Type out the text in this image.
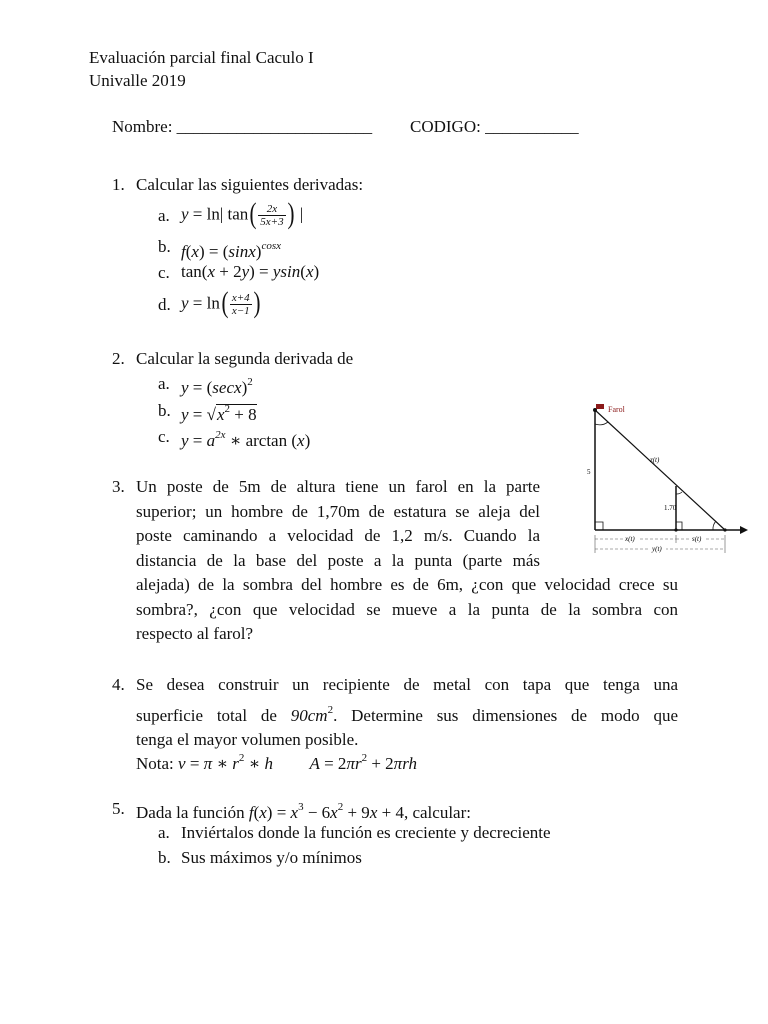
Evaluación parcial final Caculo I
Univalle 2019
Nombre: _______________________ CODIGO: ___________
1. Calcular las siguientes derivadas:
a. y = ln| $\tan( \frac{2x}{5x+3}$ ) |
b. $f(x) = (\sin x)^{cosx}$
c. tan(x + 2y) = ysin(x)
d. $y = \ln( \frac{x+4}{x-1}$ )
2. Calcular la segunda derivada de
a. $y = (\sec x)^2$
b. $y = √x^2 + 8$
c. $y = a^{2x}$ ∗ arctan (x)
3. Un poste de 5m de altura tiene un farol en la parte
superior; un hombre de 1,70m de estatura se aleja del
poste caminando a velocidad de 1,2 m/s. Cuando la
distancia de la base del poste a la punta (parte más
alejada) de la sombra del hombre es de 6m, ¿con que velocidad crece su
sombra?, ¿con que velocidad se mueve a la punta de la sombra con
respecto al farol?
Farol
z(t)
5
1.70
x(t)	s(t)
y(t)
4. Se desea construir un recipiente de metal con tapa que tenga una
superficie total de $90cm^2$. Determine sus dimensiones de modo que
tenga el mayor volumen posible.
Nota: v = π ∗ $r^2$ ∗ h $A = 2\pi r^2 + 2\pi rh$
5. Dada la función $f(x) = x^3 - 6x^2 + 9x + 4$, calcular:
a. Inviértalos donde la función es creciente y decreciente
b. Sus máximos y/o mínimos
